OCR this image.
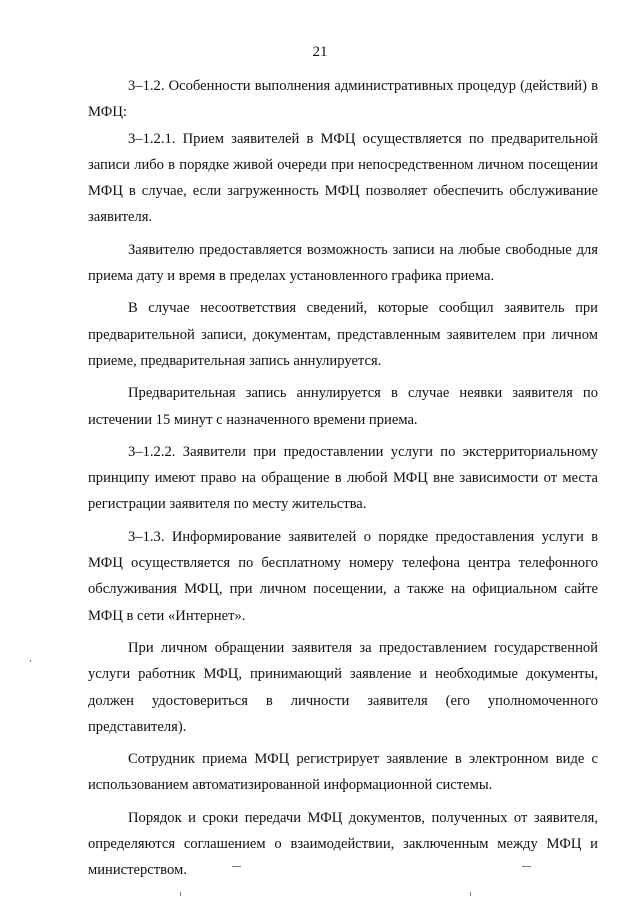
21

3–1.2. Особенности выполнения административных процедур (действий) в МФЦ:

3–1.2.1. Прием заявителей в МФЦ осуществляется по предварительной записи либо в порядке живой очереди при непосредственном личном посещении МФЦ в случае, если загруженность МФЦ позволяет обеспечить обслуживание заявителя.

Заявителю предоставляется возможность записи на любые свободные для приема дату и время в пределах установленного графика приема.

В случае несоответствия сведений, которые сообщил заявитель при предварительной записи, документам, представленным заявителем при личном приеме, предварительная запись аннулируется.

Предварительная запись аннулируется в случае неявки заявителя по истечении 15 минут с назначенного времени приема.

3–1.2.2. Заявители при предоставлении услуги по экстерриториальному принципу имеют право на обращение в любой МФЦ вне зависимости от места регистрации заявителя по месту жительства.

3–1.3. Информирование заявителей о порядке предоставления услуги в МФЦ осуществляется по бесплатному номеру телефона центра телефонного обслуживания МФЦ, при личном посещении, а также на официальном сайте МФЦ в сети «Интернет».

При личном обращении заявителя за предоставлением государственной услуги работник МФЦ, принимающий заявление и необходимые документы, должен удостовериться в личности заявителя (его уполномоченного представителя).

Сотрудник приема МФЦ регистрирует заявление в электронном виде с использованием автоматизированной информационной системы.

Порядок и сроки передачи МФЦ документов, полученных от заявителя, определяются соглашением о взаимодействии, заключенным между МФЦ и министерством.
